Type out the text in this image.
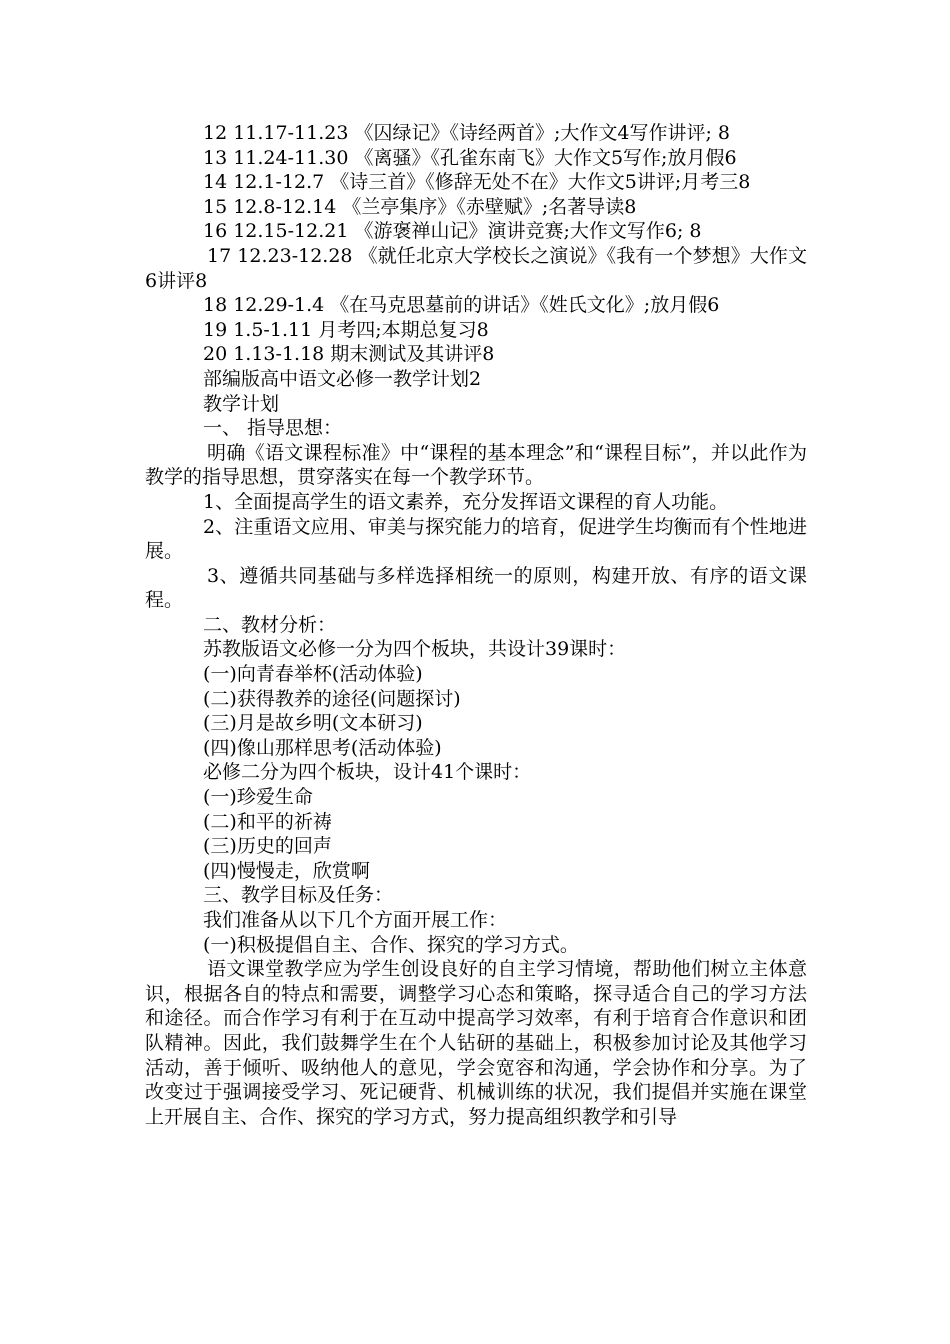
12 11.17-11.23 《囚绿记》《诗经两首》;大作文4写作讲评; 8

13 11.24-11.30 《离骚》《孔雀东南飞》大作文5写作;放月假6

14 12.1-12.7 《诗三首》《修辞无处不在》大作文5讲评;月考三8

15 12.8-12.14 《兰亭集序》《赤壁赋》;名著导读8

16 12.15-12.21 《游褒禅山记》演讲竞赛;大作文写作6; 8

17 12.23-12.28 《就任北京大学校长之演说》《我有一个梦想》大作文6讲评8

18 12.29-1.4 《在马克思墓前的讲话》《姓氏文化》;放月假6

19 1.5-1.11 月考四;本期总复习8

20 1.13-1.18 期末测试及其讲评8

部编版高中语文必修一教学计划2

教学计划

一、 指导思想：

明确《语文课程标准》中“课程的基本理念”和“课程目标”，并以此作为教学的指导思想，贯穿落实在每一个教学环节。

1、全面提高学生的语文素养，充分发挥语文课程的育人功能。

2、注重语文应用、审美与探究能力的培育，促进学生均衡而有个性地进展。

3、遵循共同基础与多样选择相统一的原则，构建开放、有序的语文课程。

二、教材分析：

苏教版语文必修一分为四个板块，共设计39课时：

(一)向青春举杯(活动体验)

(二)获得教养的途径(问题探讨)

(三)月是故乡明(文本研习)

(四)像山那样思考(活动体验)

必修二分为四个板块，设计41个课时：

(一)珍爱生命

(二)和平的祈祷

(三)历史的回声

(四)慢慢走，欣赏啊

三、教学目标及任务：

我们准备从以下几个方面开展工作：

(一)积极提倡自主、合作、探究的学习方式。

语文课堂教学应为学生创设良好的自主学习情境，帮助他们树立主体意识，根据各自的特点和需要，调整学习心态和策略，探寻适合自己的学习方法和途径。而合作学习有利于在互动中提高学习效率，有利于培育合作意识和团队精神。因此，我们鼓舞学生在个人钻研的基础上，积极参加讨论及其他学习活动，善于倾听、吸纳他人的意见，学会宽容和沟通，学会协作和分享。为了改变过于强调接受学习、死记硬背、机械训练的状况，我们提倡并实施在课堂上开展自主、合作、探究的学习方式，努力提高组织教学和引导
